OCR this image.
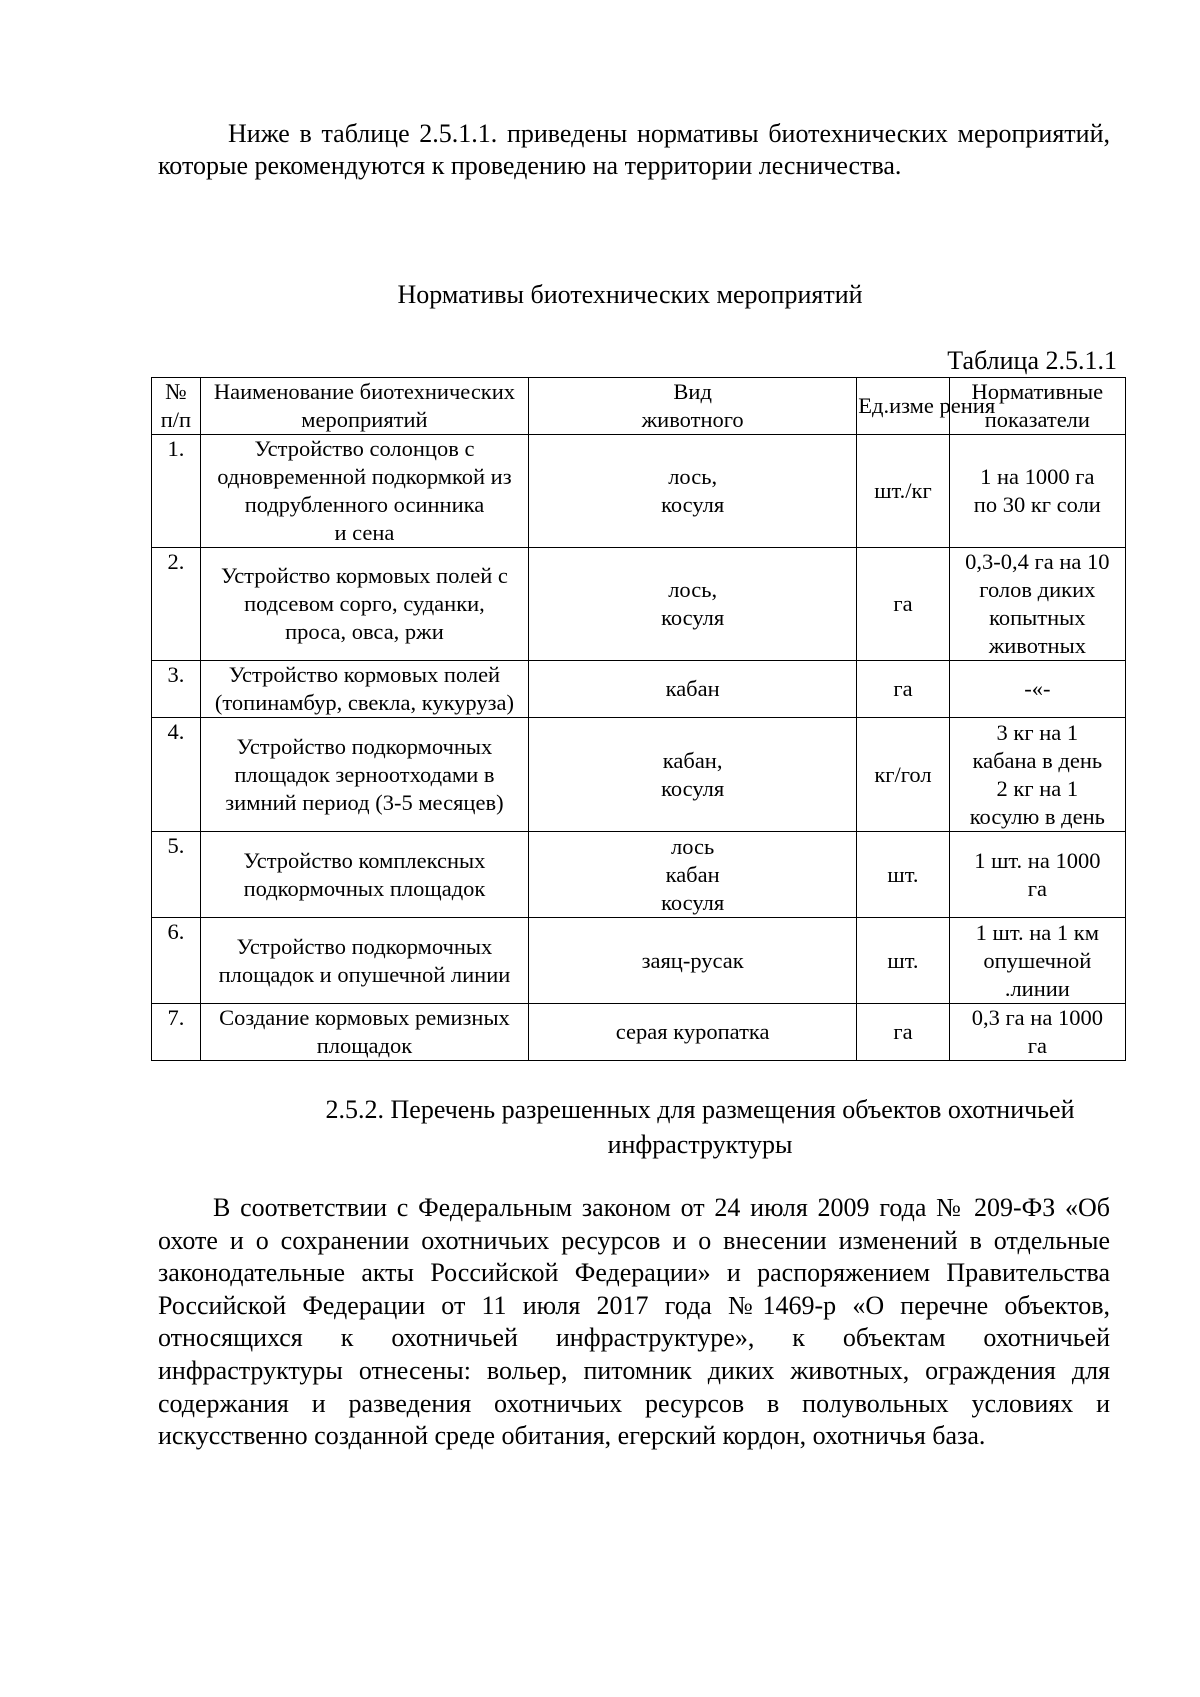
Ниже в таблице 2.5.1.1. приведены нормативы биотехнических мероприятий, которые рекомендуются к проведению на территории лесничества.

Нормативы биотехнических мероприятий

Таблица 2.5.1.1

№
п/п	Наименование биотехнических
мероприятий	Вид
животного	Ед.изме рения	Нормативные
показатели
1.	Устройство солонцов с
одновременной подкормкой из
подрубленного осинника
и сена	лось,
косуля	шт./кг	1 на 1000 га
по 30 кг соли
2.	Устройство кормовых полей с
подсевом сорго, суданки,
проса, овса, ржи	лось,
косуля	га	0,3-0,4 га на 10
голов диких
копытных
животных
3.	Устройство кормовых полей
(топинамбур, свекла, кукуруза)	кабан	га	-«-
4.	Устройство подкормочных
площадок зерноотходами в
зимний период (3-5 месяцев)	кабан,
косуля	кг/гол	3 кг на 1
кабана в день
2 кг на 1
косулю в день
5.	Устройство комплексных
подкормочных площадок	лось
кабан
косуля	шт.	1 шт. на 1000
га
6.	Устройство подкормочных
площадок и опушечной линии	заяц-русак	шт.	1 шт. на 1 км
опушечной
.линии
7.	Создание кормовых ремизных
площадок	серая куропатка	га	0,3 га на 1000
га

2.5.2. Перечень разрешенных для размещения объектов охотничьей
инфраструктуры

В соответствии с Федеральным законом от 24 июля 2009 года № 209-ФЗ «Об охоте и о сохранении охотничьих ресурсов и о внесении изменений в отдельные законодательные акты Российской Федерации» и распоряжением Правительства Российской Федерации от 11 июля 2017 года №1469-р «О перечне объектов, относящихся к охотничьей инфраструктуре», к объектам охотничьей инфраструктуры отнесены: вольер, питомник диких животных, ограждения для содержания и разведения охотничьих ресурсов в полувольных условиях и искусственно созданной среде обитания, егерский кордон, охотничья база.
